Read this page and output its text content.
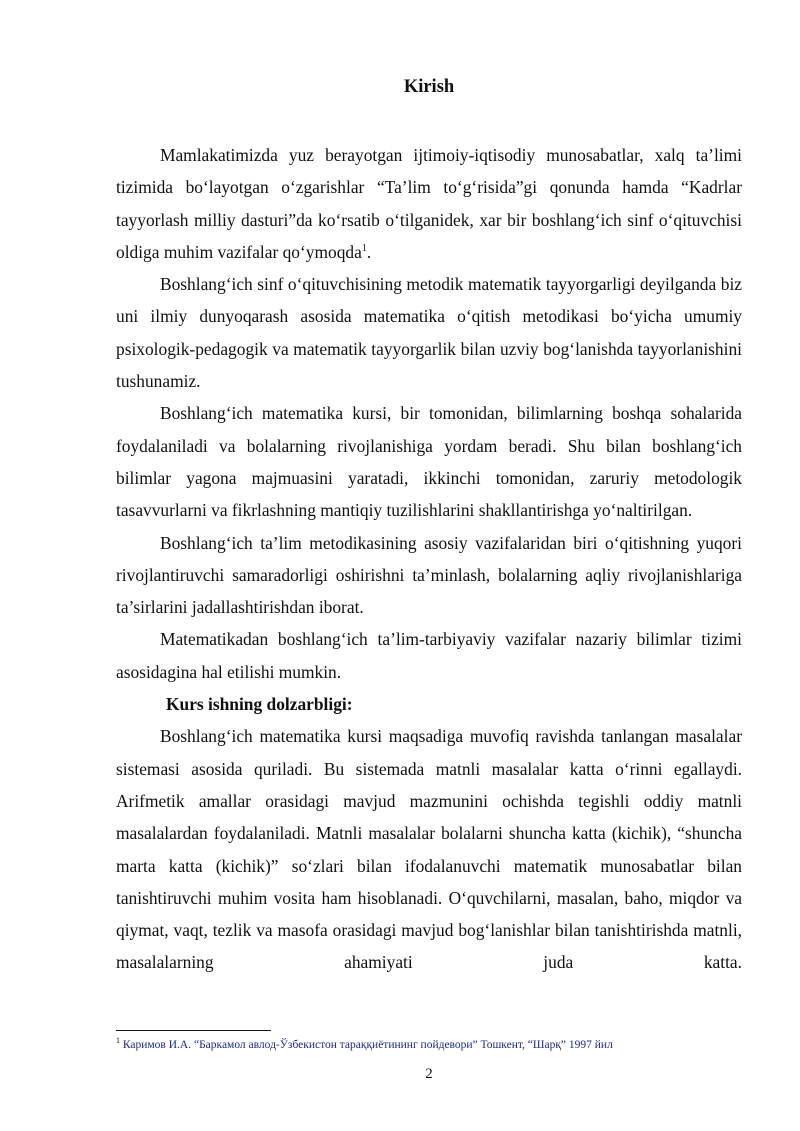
Kirish

Mamlakatimizda yuz berayotgan ijtimoiy-iqtisodiy munosabatlar, xalq ta’limi tizimida bo‘layotgan o‘zgarishlar “Ta’lim to‘g‘risida”gi qonunda hamda “Kadrlar tayyorlash milliy dasturi”da ko‘rsatib o‘tilganidek, xar bir boshlang‘ich sinf o‘qituvchisi oldiga muhim vazifalar qo‘ymoqda$^1$.

Boshlang‘ich sinf o‘qituvchisining metodik matematik tayyorgarligi deyilganda biz uni ilmiy dunyoqarash asosida matematika o‘qitish metodikasi bo‘yicha umumiy psixologik-pedagogik va matematik tayyorgarlik bilan uzviy bog‘lanishda tayyorlanishini tushunamiz.

Boshlang‘ich matematika kursi, bir tomonidan, bilimlarning boshqa sohalarida foydalaniladi va bolalarning rivojlanishiga yordam beradi. Shu bilan boshlang‘ich bilimlar yagona majmuasini yaratadi, ikkinchi tomonidan, zaruriy metodologik tasavvurlarni va fikrlashning mantiqiy tuzilishlarini shakllantirishga yo‘naltirilgan.

Boshlang‘ich ta’lim metodikasining asosiy vazifalaridan biri o‘qitishning yuqori rivojlantiruvchi samaradorligi oshirishni ta’minlash, bolalarning aqliy rivojlanishlariga ta’sirlarini jadallashtirishdan iborat.

Matematikadan boshlang‘ich ta’lim-tarbiyaviy vazifalar nazariy bilimlar tizimi asosidagina hal etilishi mumkin.

Kurs ishning dolzarbligi:

Boshlang‘ich matematika kursi maqsadiga muvofiq ravishda tanlangan masalalar sistemasi asosida quriladi. Bu sistemada matnli masalalar katta o‘rinni egallaydi. Arifmetik amallar orasidagi mavjud mazmunini ochishda tegishli oddiy matnli masalalardan foydalaniladi. Matnli masalalar bolalarni shuncha katta (kichik), “shuncha marta katta (kichik)” so‘zlari bilan ifodalanuvchi matematik munosabatlar bilan tanishtiruvchi muhim vosita ham hisoblanadi. O‘quvchilarni, masalan, baho, miqdor va qiymat, vaqt, tezlik va masofa orasidagi mavjud bog‘lanishlar bilan tanishtirishda matnli, masalalarning ahamiyati juda katta.

$^1$ Каримов И.А. “Баркамол авлод-Ўзбекистон тараққиётининг пойдевори” Тошкент, “Шарқ” 1997 йил
2
